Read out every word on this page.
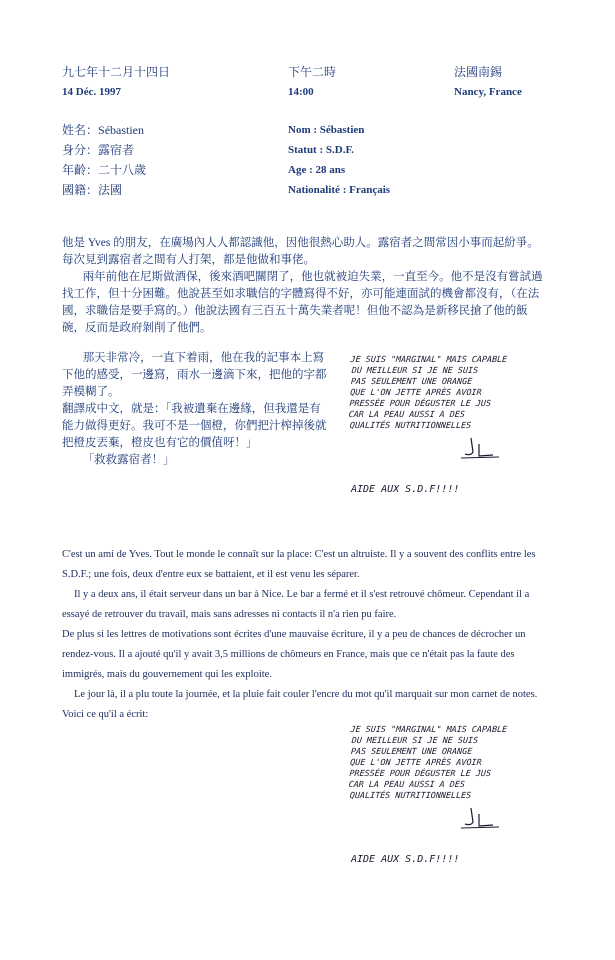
九七年十二月十四日
14 Déc. 1997
下午二時
14:00
法國南錫
Nancy, France
姓名：Sébastien
身分：露宿者
年齡：二十八歲
國籍：法國
Nom : Sébastien
Statut : S.D.F.
Age : 28 ans
Nationalité : Français

他是 Yves 的朋友，在廣場內人人都認識他，因他很熱心助人。露宿者之間常因小事而起紛爭。每次見到露宿者之間有人打架，都是他做和事佬。

兩年前他在尼斯做酒保，後來酒吧關閉了，他也就被迫失業，一直至今。他不是沒有嘗試過找工作，但十分困難。他說甚至如求職信的字體寫得不好，亦可能連面試的機會都沒有，（在法國，求職信是要手寫的。）他說法國有三百五十萬失業者呢！但他不認為是新移民搶了他的飯碗，反而是政府剝削了他們。

那天非常冷，一直下着雨，他在我的記事本上寫下他的感受，一邊寫，雨水一邊滴下來，把他的字都弄模糊了。

翻譯成中文，就是：「我被遺棄在邊緣，但我還是有能力做得更好。我可不是一個橙，你們把汁榨掉後就把橙皮丟棄，橙皮也有它的價值呀！」

「救救露宿者！」

JE SUIS "MARGINAL" MAIS CAPABLE
DU MEILLEUR SI JE NE SUIS
PAS SEULEMENT UNE ORANGE
QUE L'ON JETTE APRÈS AVOIR
PRESSÉE POUR DÉGUSTER LE JUS
CAR LA PEAU AUSSI A DES
QUALITÉS NUTRITIONNELLES
AIDE AUX S.D.F!!!!

C'est un ami de Yves. Tout le monde le connaît sur la place: C'est un altruiste. Il y a souvent des conflits entre les S.D.F.; une fois, deux d'entre eux se battaient, et il est venu les séparer.

Il y a deux ans, il était serveur dans un bar à Nice. Le bar a fermé et il s'est retrouvé chômeur. Cependant il a essayé de retrouver du travail, mais sans adresses ni contacts il n'a rien pu faire.

De plus si les lettres de motivations sont écrites d'une mauvaise écriture, il y a peu de chances de décrocher un rendez-vous. Il a ajouté qu'il y avait 3,5 millions de chômeurs en France, mais que ce n'était pas la faute des immigrés, mais du gouvernement qui les exploite.

Le jour là, il a plu toute la journée, et la pluie fait couler l'encre du mot qu'il marquait sur mon carnet de notes. Voici ce qu'il a écrit:

JE SUIS "MARGINAL" MAIS CAPABLE
DU MEILLEUR SI JE NE SUIS
PAS SEULEMENT UNE ORANGE
QUE L'ON JETTE APRÈS AVOIR
PRESSÉE POUR DÉGUSTER LE JUS
CAR LA PEAU AUSSI A DES
QUALITÉS NUTRITIONNELLES
AIDE AUX S.D.F!!!!
